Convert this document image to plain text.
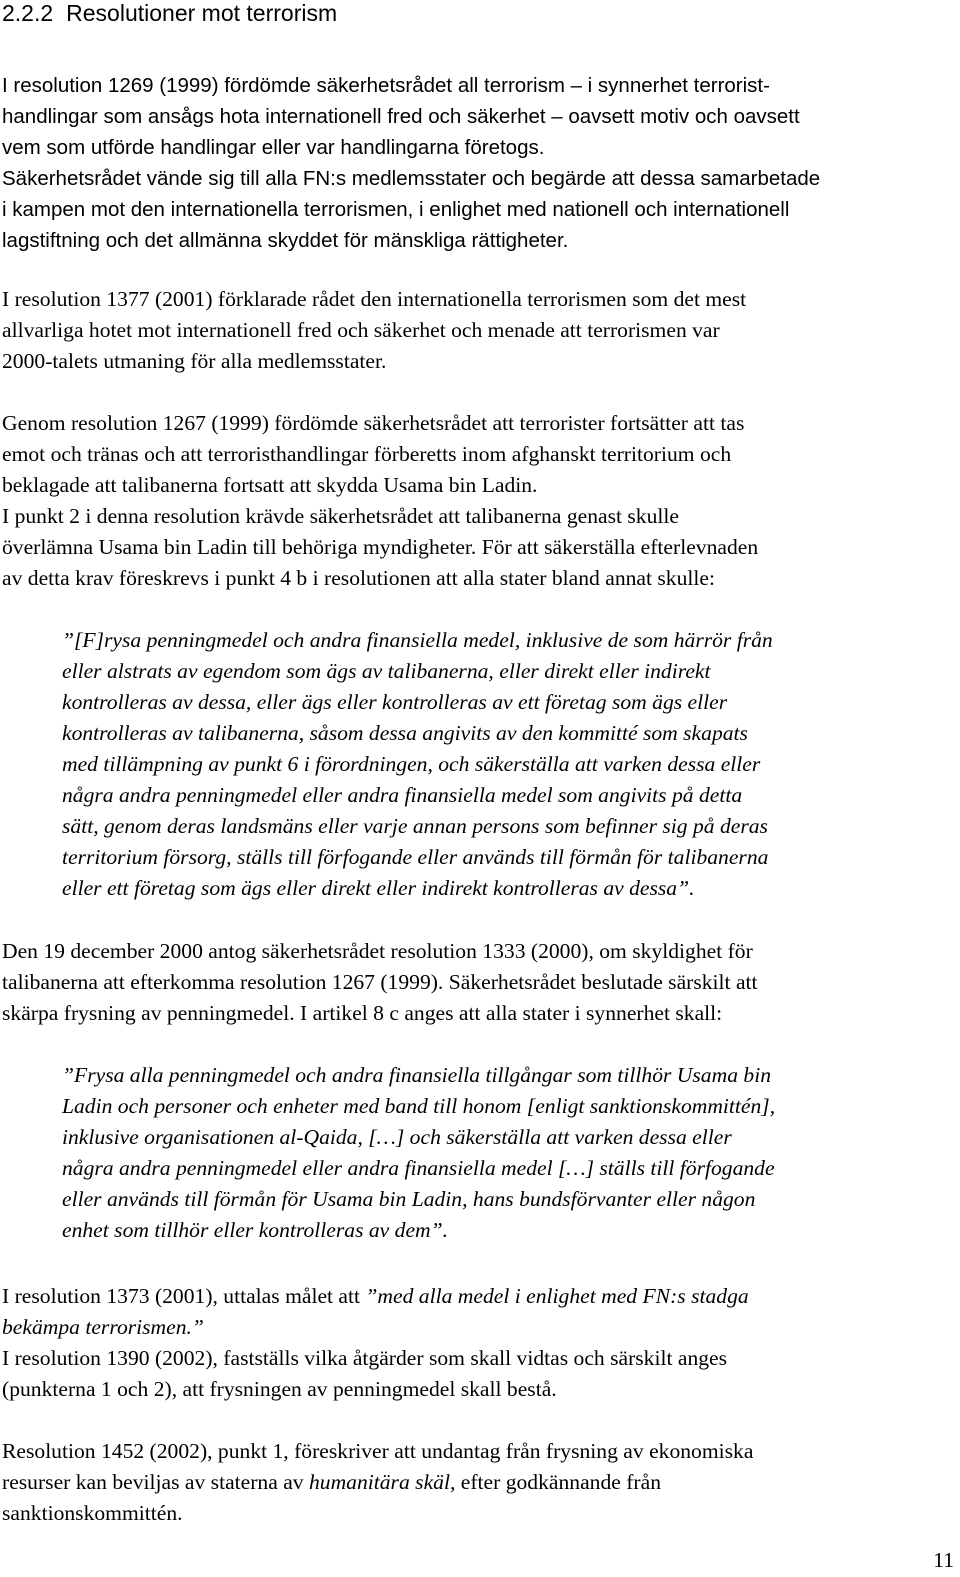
2.2.2 Resolutioner mot terrorism

I resolution 1269 (1999) fördömde säkerhetsrådet all terrorism – i synnerhet terrorist-
handlingar som ansågs hota internationell fred och säkerhet – oavsett motiv och oavsett
vem som utförde handlingar eller var handlingarna företogs.
Säkerhetsrådet vände sig till alla FN:s medlemsstater och begärde att dessa samarbetade
i kampen mot den internationella terrorismen, i enlighet med nationell och internationell
lagstiftning och det allmänna skyddet för mänskliga rättigheter.

I resolution 1377 (2001) förklarade rådet den internationella terrorismen som det mest
allvarliga hotet mot internationell fred och säkerhet och menade att terrorismen var
2000-talets utmaning för alla medlemsstater.

Genom resolution 1267 (1999) fördömde säkerhetsrådet att terrorister fortsätter att tas
emot och tränas och att terroristhandlingar förberetts inom afghanskt territorium och
beklagade att talibanerna fortsatt att skydda Usama bin Ladin.
I punkt 2 i denna resolution krävde säkerhetsrådet att talibanerna genast skulle
överlämna Usama bin Ladin till behöriga myndigheter. För att säkerställa efterlevnaden
av detta krav föreskrevs i punkt 4 b i resolutionen att alla stater bland annat skulle:

”[F]rysa penningmedel och andra finansiella medel, inklusive de som härrör från
eller alstrats av egendom som ägs av talibanerna, eller direkt eller indirekt
kontrolleras av dessa, eller ägs eller kontrolleras av ett företag som ägs eller
kontrolleras av talibanerna, såsom dessa angivits av den kommitté som skapats
med tillämpning av punkt 6 i förordningen, och säkerställa att varken dessa eller
några andra penningmedel eller andra finansiella medel som angivits på detta
sätt, genom deras landsmäns eller varje annan persons som befinner sig på deras
territorium försorg, ställs till förfogande eller används till förmån för talibanerna
eller ett företag som ägs eller direkt eller indirekt kontrolleras av dessa”.

Den 19 december 2000 antog säkerhetsrådet resolution 1333 (2000), om skyldighet för
talibanerna att efterkomma resolution 1267 (1999). Säkerhetsrådet beslutade särskilt att
skärpa frysning av penningmedel. I artikel 8 c anges att alla stater i synnerhet skall:

”Frysa alla penningmedel och andra finansiella tillgångar som tillhör Usama bin
Ladin och personer och enheter med band till honom [enligt sanktionskommittén],
inklusive organisationen al-Qaida, […] och säkerställa att varken dessa eller
några andra penningmedel eller andra finansiella medel […] ställs till förfogande
eller används till förmån för Usama bin Ladin, hans bundsförvanter eller någon
enhet som tillhör eller kontrolleras av dem”.

I resolution 1373 (2001), uttalas målet att ”med alla medel i enlighet med FN:s stadga
bekämpa terrorismen.”
I resolution 1390 (2002), fastställs vilka åtgärder som skall vidtas och särskilt anges
(punkterna 1 och 2), att frysningen av penningmedel skall bestå.

Resolution 1452 (2002), punkt 1, föreskriver att undantag från frysning av ekonomiska
resurser kan beviljas av staterna av humanitära skäl, efter godkännande från
sanktionskommittén.

11
